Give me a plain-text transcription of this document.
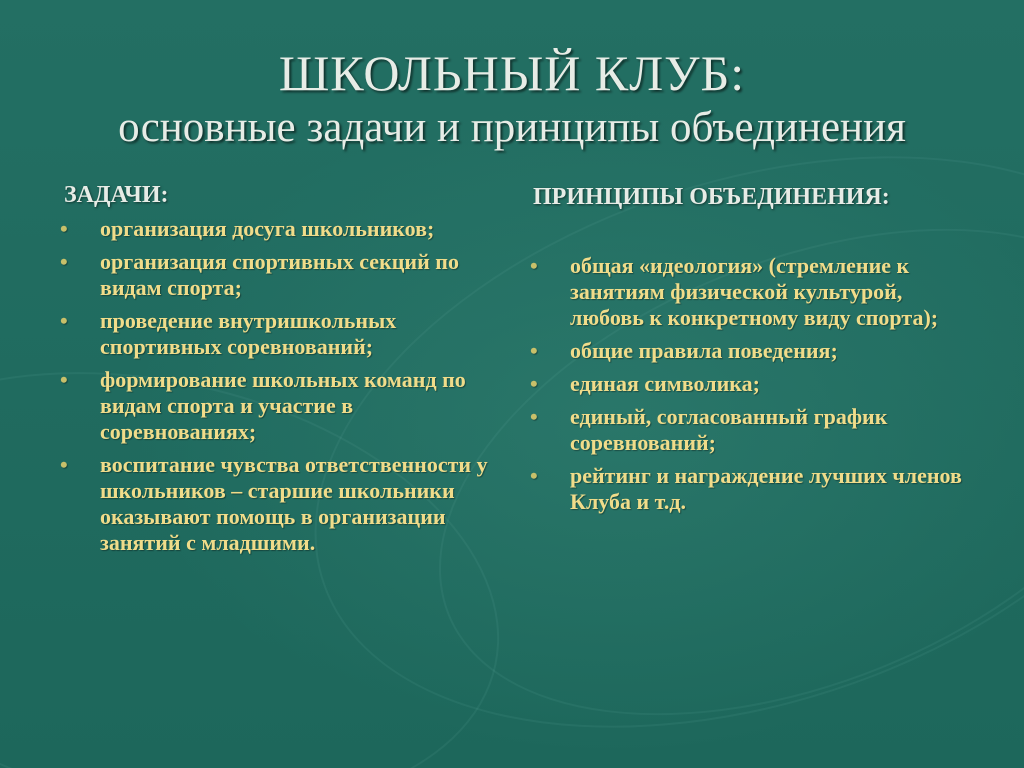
ШКОЛЬНЫЙ КЛУБ:
основные задачи и принципы объединения
ЗАДАЧИ:
• организация досуга школьников;
• организация спортивных секций по видам спорта;
• проведение внутришкольных спортивных соревнований;
• формирование школьных команд по видам спорта и участие в соревнованиях;
• воспитание чувства ответственности у школьников – старшие школьники оказывают помощь в организации занятий с младшими.
ПРИНЦИПЫ ОБЪЕДИНЕНИЯ:
• общая «идеология» (стремление к занятиям физической культурой, любовь к конкретному виду спорта);
• общие правила поведения;
• единая символика;
• единый, согласованный график соревнований;
• рейтинг и награждение лучших членов Клуба и т.д.
